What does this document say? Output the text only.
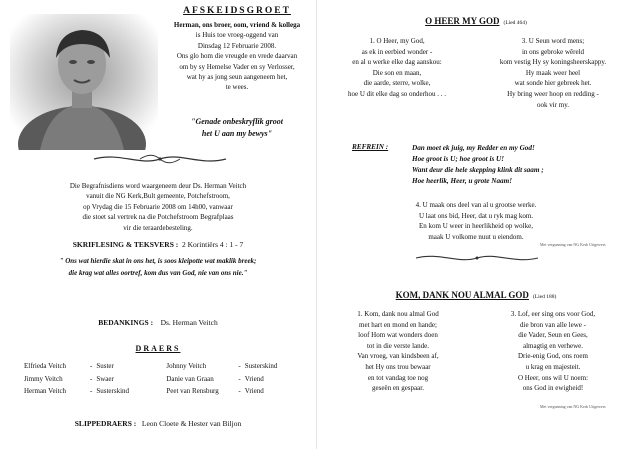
AFSKEIDSGROET
Herman, ons broer, oom, vriend & kollega
is Huis toe vroeg-oggend van
Dinsdag 12 Februarie 2008.
Ons glo hom die vreugde en vrede daarvan
om by sy Hemelse Vader en sy Verlosser,
wat hy as jong seun aangeneem het,
te wees.
"Genade onbeskryflik groot
het U aan my bewys"
Die Begrafnisdiens word waargeneem deur Ds. Herman Veitch
vanuit die NG Kerk,Bult gemeente, Potchefstroom,
op Vrydag die 15 Februarie 2008 om 14h00, vanwaar
die stoet sal vertrek na die Potchefstroom Begrafplaas
vir die teraardebesteling.
SKRIFLESING & TEKSVERS : 2 Korintiërs 4 : 1 - 7
" Ons wat hierdie skat in ons het, is soos kleipotte wat maklik breek;
die krag wat alles oortref, kom dus van God, nie van ons nie."
BEDANKINGS : Ds. Herman Veitch
DRAERS
Elfrieda Veitch	-	Suster	Johnny Veitch	-	Susterskind
Jimmy Veitch	-	Swaer	Danie van Graan	-	Vriend
Herman Veitch	-	Susterskind	Peet van Rensburg	-	Vriend
SLIPPEDRAERS : Leon Cloete & Hester van Biljon
O HEER MY GOD (Lied 464)
1. O Heer, my God,
as ek in eerbied wonder -
en al u werke elke dag aanskou:
Die son en maan,
die aarde, sterre, wolke,
hoe U dit elke dag so onderhou . . .
3. U Seun word mens;
in ons gebroke wêreld
kom vestig Hy sy koningsheerskappy.
Hy maak weer heel
wat sonde hier gebreek het.
Hy bring weer hoop en redding -
ook vir my.
REFREIN :	Dan moet ek juig, my Redder en my God!
Hoe groot is U; hoe groot is U!
Want deur die hele skepping klink dit saam ;
Hoe heerlik, Heer, u grote Naam!
4. U maak ons deel van al u grootse werke.
U laat ons bid, Heer, dat u ryk mag kom.
En kom U weer in heerlikheid op wolke,
maak U volkome nuut u eiendom.
Met vergunning van NG Kerk Uitgewers
KOM, DANK NOU ALMAL GOD (Lied 188)
1. Kom, dank nou almal God
met hart en mond en hande;
loof Hom wat wonders doen
tot in die verste lande.
Van vroeg, van kindsbeen af,
het Hy ons trou bewaar
en tot vandag toe nog
geseën en gespaar.
3. Lof, eer sing ons voor God,
die bron van alle lewe -
die Vader, Seun en Gees,
almagtig en verhewe.
Drie-enig God, ons roem
u krag en majesteit.
O Heer, ons wil U noem:
ons God in ewigheid!
Met vergunning van NG Kerk Uitgewers
